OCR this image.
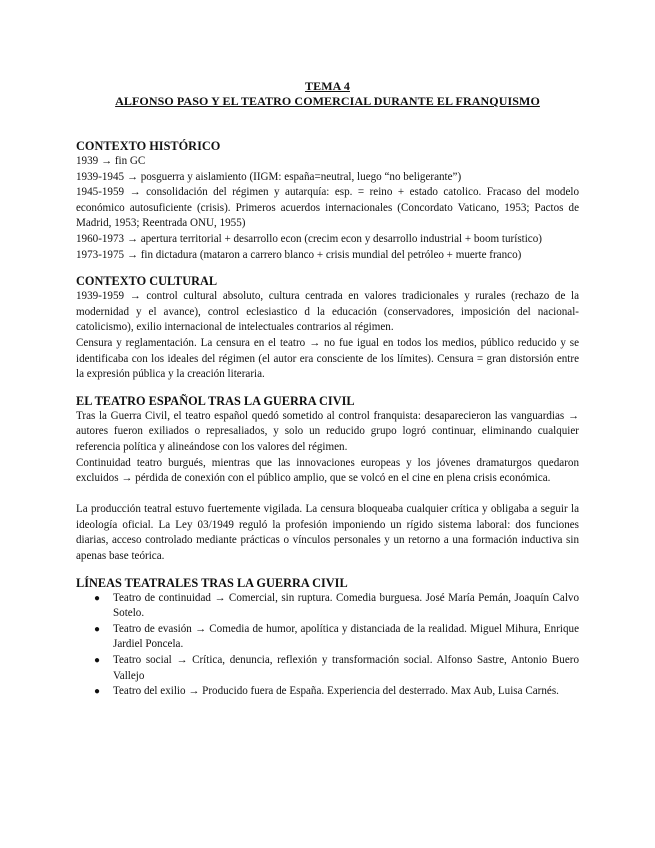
TEMA 4
ALFONSO PASO Y EL TEATRO COMERCIAL DURANTE EL FRANQUISMO
CONTEXTO HISTÓRICO

1939 → fin GC

1939-1945 → posguerra y aislamiento (IIGM: españa=neutral, luego “no beligerante”)

1945-1959 → consolidación del régimen y autarquía: esp. = reino + estado catolico. Fracaso del modelo económico autosuficiente (crisis). Primeros acuerdos internacionales (Concordato Vaticano, 1953; Pactos de Madrid, 1953; Reentrada ONU, 1955)

1960-1973 → apertura territorial + desarrollo econ (crecim econ y desarrollo industrial + boom turístico)

1973-1975 → fin dictadura (mataron a carrero blanco + crisis mundial del petróleo + muerte franco)

CONTEXTO CULTURAL

1939-1959 → control cultural absoluto, cultura centrada en valores tradicionales y rurales (rechazo de la modernidad y el avance), control eclesiastico d la educación (conservadores, imposición del nacional-catolicismo), exilio internacional de intelectuales contrarios al régimen.

Censura y reglamentación. La censura en el teatro → no fue igual en todos los medios, público reducido y se identificaba con los ideales del régimen (el autor era consciente de los límites). Censura = gran distorsión entre la expresión pública y la creación literaria.

EL TEATRO ESPAÑOL TRAS LA GUERRA CIVIL

Tras la Guerra Civil, el teatro español quedó sometido al control franquista: desaparecieron las vanguardias → autores fueron exiliados o represaliados, y solo un reducido grupo logró continuar, eliminando cualquier referencia política y alineándose con los valores del régimen.

Continuidad teatro burgués, mientras que las innovaciones europeas y los jóvenes dramaturgos quedaron excluidos → pérdida de conexión con el público amplio, que se volcó en el cine en plena crisis económica.

La producción teatral estuvo fuertemente vigilada. La censura bloqueaba cualquier crítica y obligaba a seguir la ideología oficial. La Ley 03/1949 reguló la profesión imponiendo un rígido sistema laboral: dos funciones diarias, acceso controlado mediante prácticas o vínculos personales y un retorno a una formación inductiva sin apenas base teórica.

LÍNEAS TEATRALES TRAS LA GUERRA CIVIL
● Teatro de continuidad → Comercial, sin ruptura. Comedia burguesa. José María Pemán, Joaquín Calvo Sotelo.
● Teatro de evasión → Comedia de humor, apolítica y distanciada de la realidad. Miguel Mihura, Enrique Jardiel Poncela.
● Teatro social → Crítica, denuncia, reflexión y transformación social. Alfonso Sastre, Antonio Buero Vallejo
● Teatro del exilio → Producido fuera de España. Experiencia del desterrado. Max Aub, Luisa Carnés.
